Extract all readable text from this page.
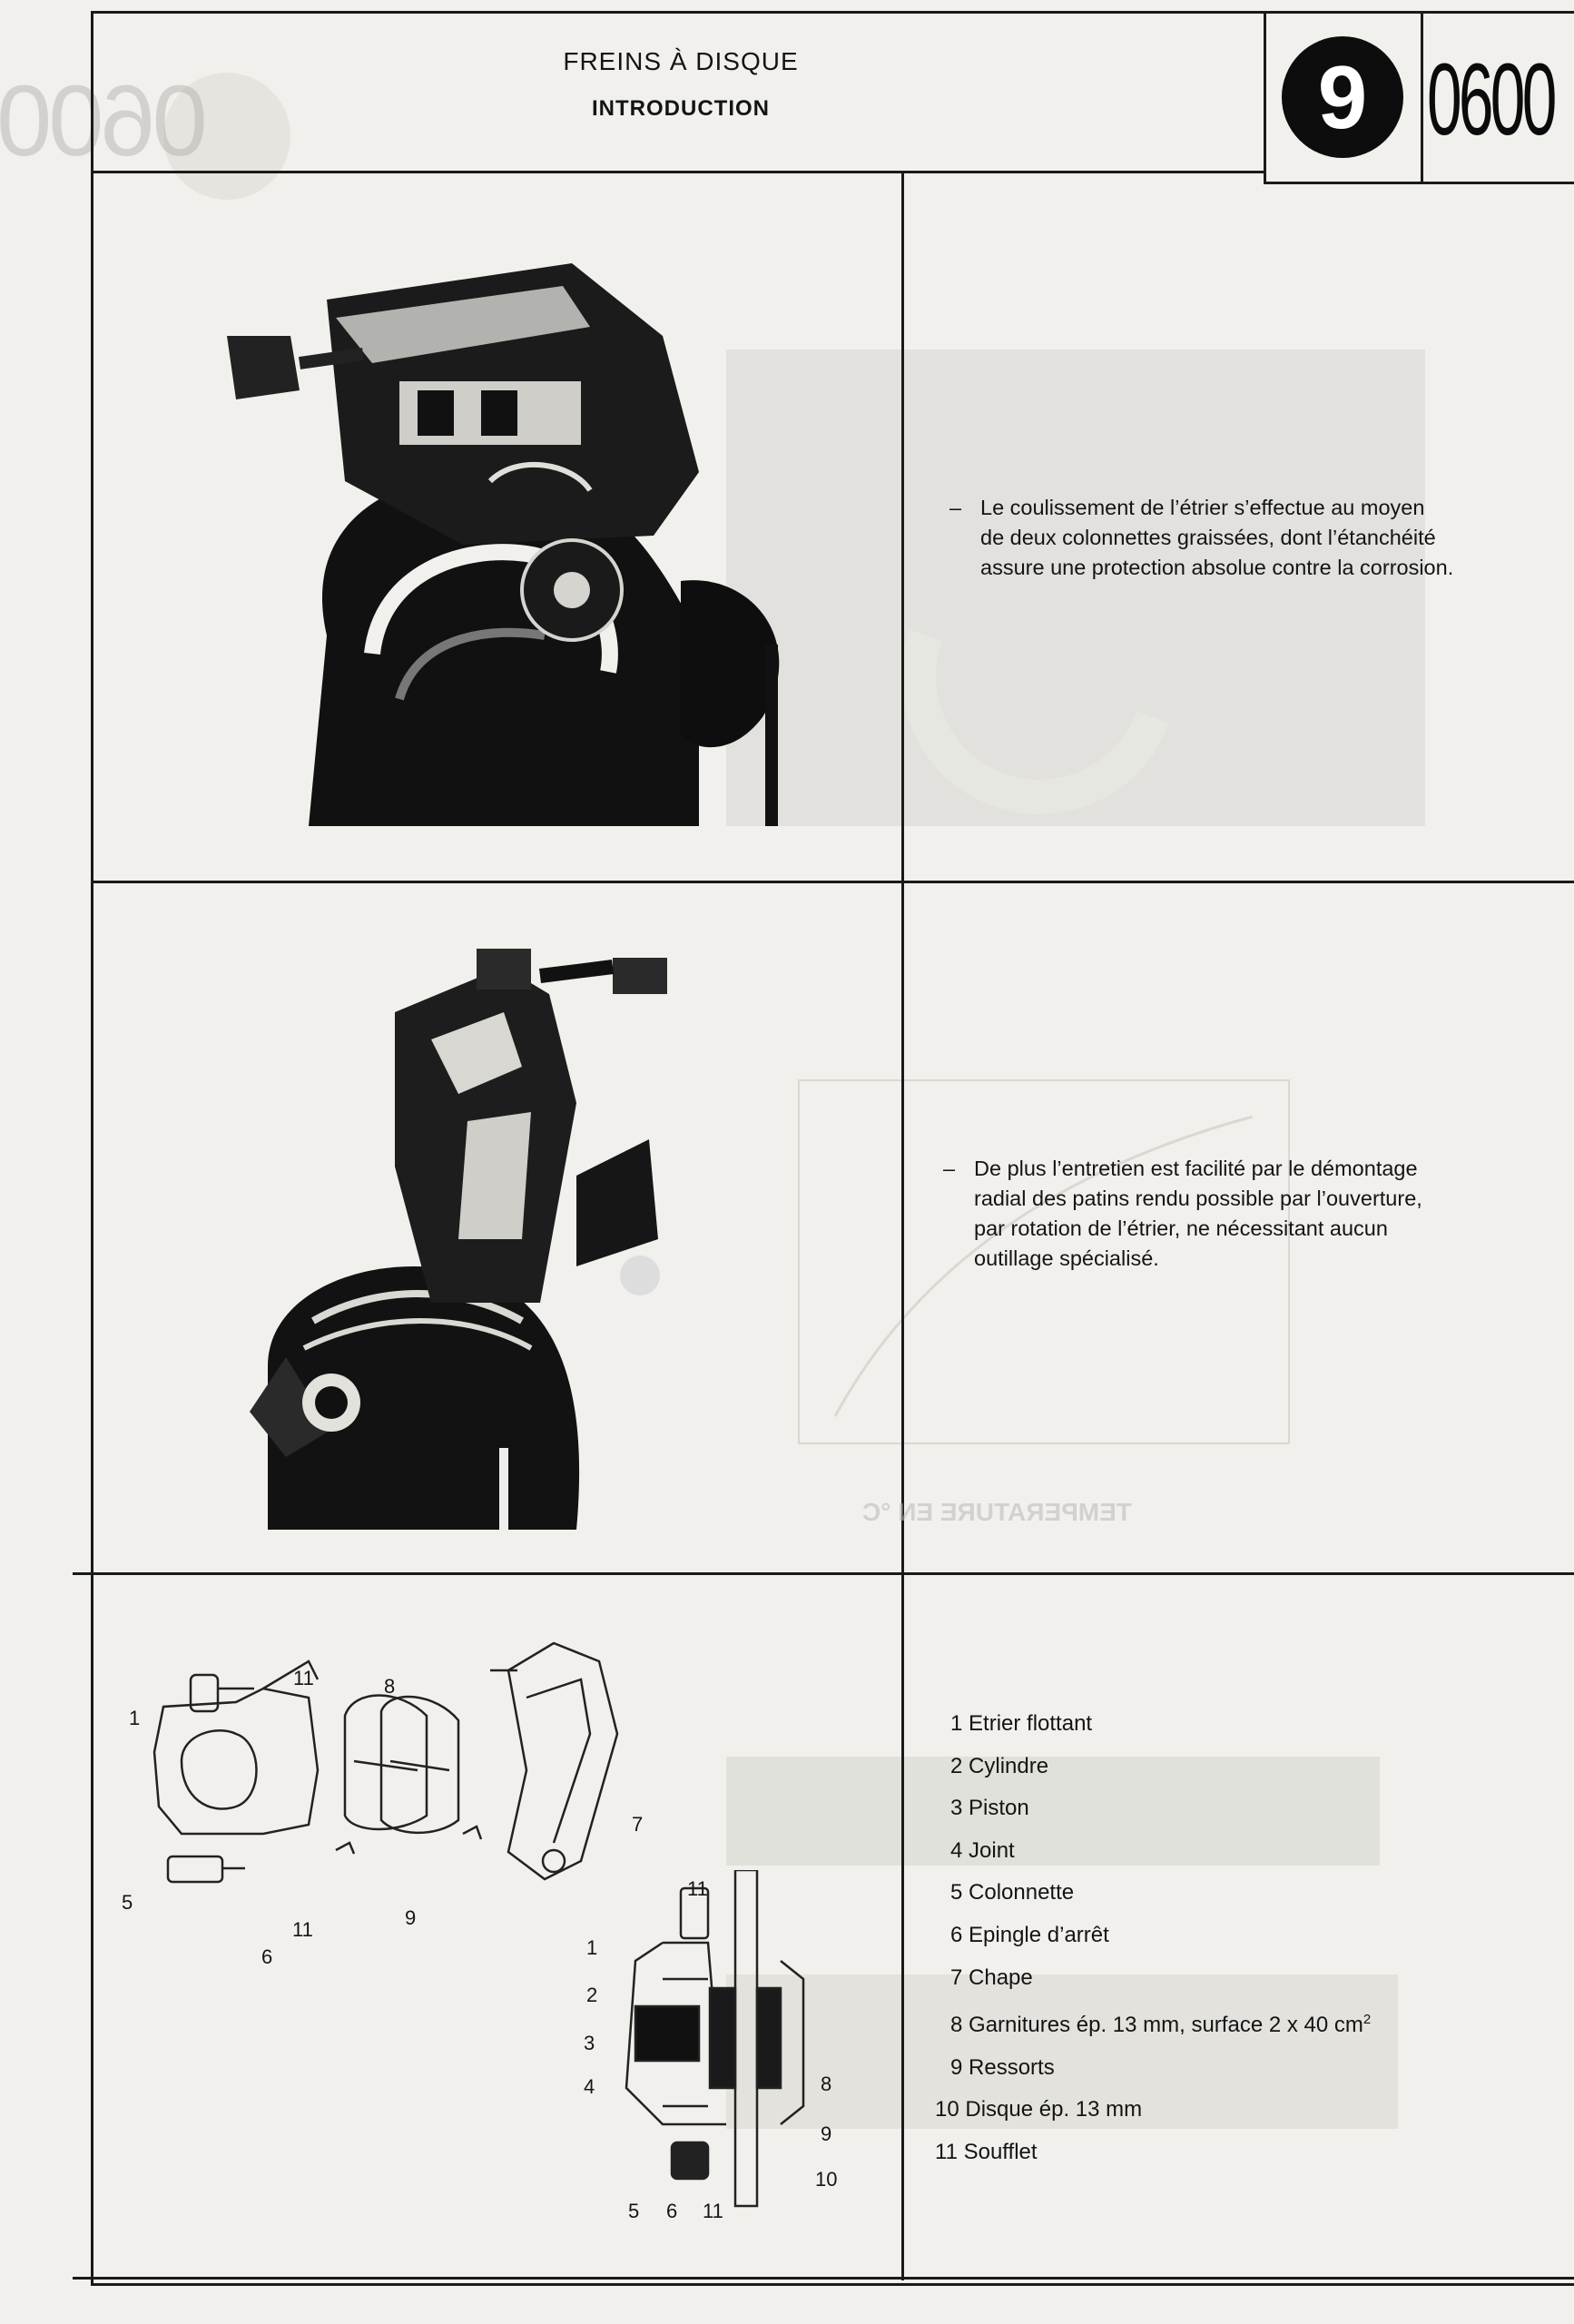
0600
FREINS À DISQUE
INTRODUCTION	9 0600
TEMPERATURE EN °C
– Le coulissement de l’étrier s’effectue au moyen
de deux colonnettes graissées, dont l’étanchéité
assure une protection absolue contre la corrosion.
– De plus l’entretien est facilité par le démontage
radial des patins rendu possible par l’ouverture,
par rotation de l’étrier, ne nécessitant aucun
outillage spécialisé.
1
11	8
7
5
6
11
9
11
1
2
3
4	8
9
10
5 6 11
1 Etrier flottant
2 Cylindre
3 Piston
4 Joint
5 Colonnette
6 Epingle d’arrêt
7 Chape
8 Garnitures ép. 13 mm, surface 2 x 40 $cm^2$
9 Ressorts
10 Disque ép. 13 mm
11 Soufflet
